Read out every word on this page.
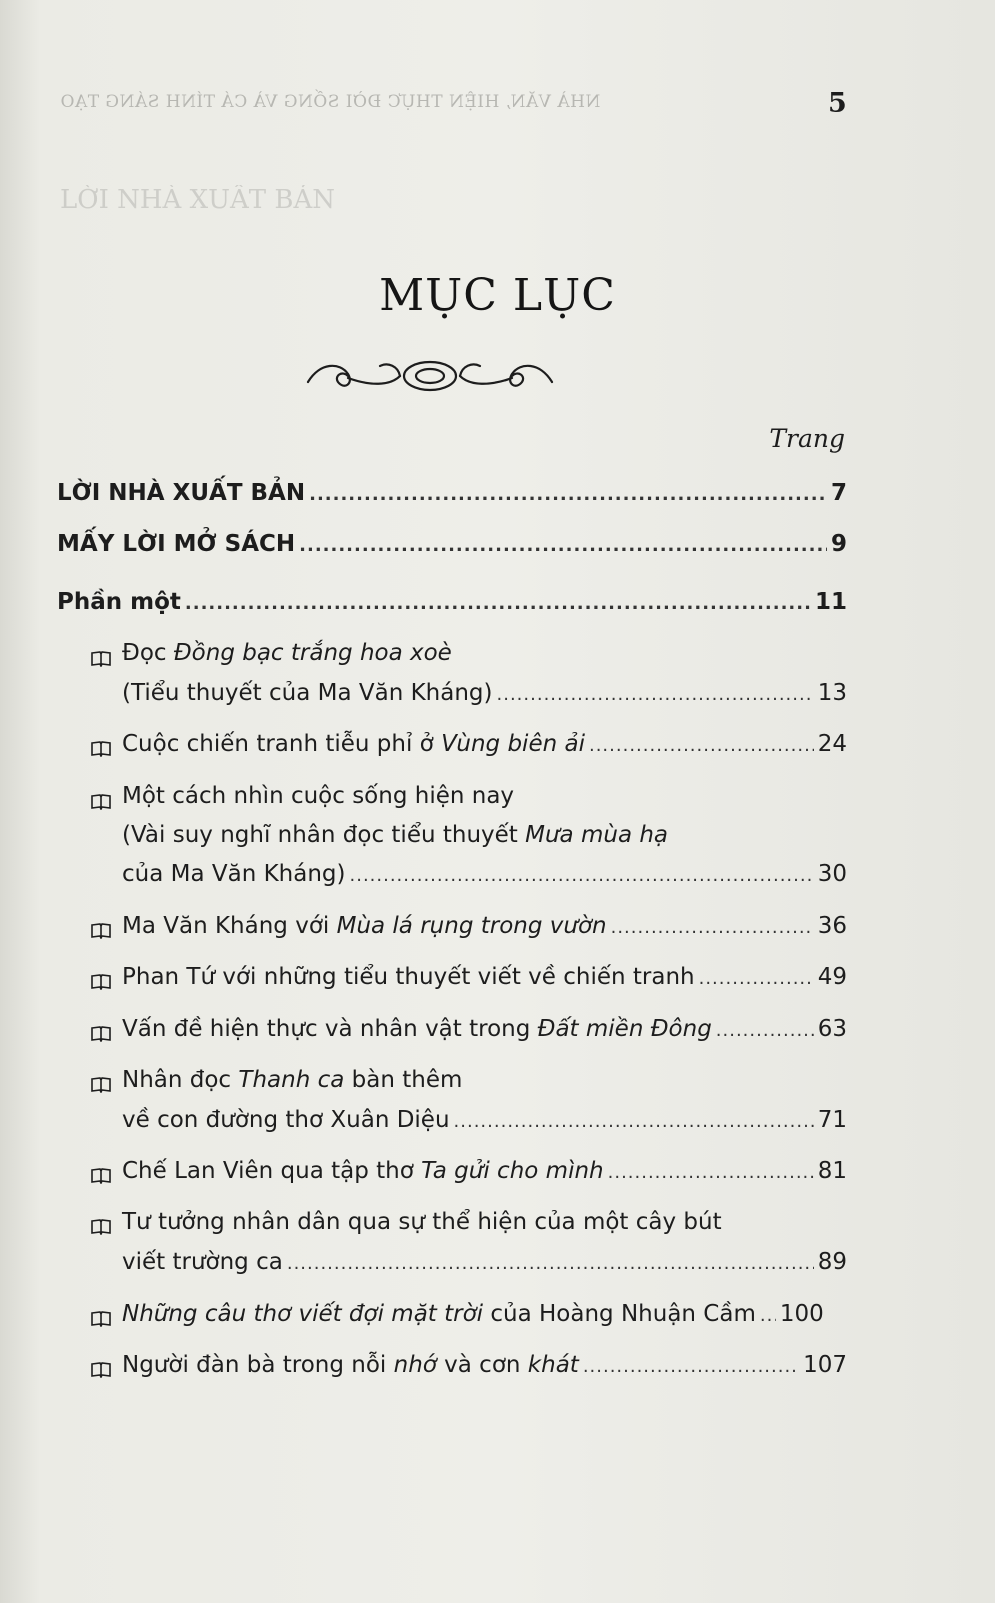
LỜI NHÀ XUẤT BẢN
NHÀ VĂN, HIỆN THỰC ĐỜI SỐNG VÀ CÁ TÍNH SÁNG TẠO	5
MỤC LỤC
Trang
LỜI NHÀ XUẤT BẢN .....	7
MẤY LỜI MỞ SÁCH .....	9
Phần một .....	11
Đọc Đồng bạc trắng hoa xoè
(Tiểu thuyết của Ma Văn Kháng) .....	13
Cuộc chiến tranh tiễu phỉ ở Vùng biên ải .....	24
Một cách nhìn cuộc sống hiện nay
(Vài suy nghĩ nhân đọc tiểu thuyết Mưa mùa hạ
của Ma Văn Kháng) .....	30
Ma Văn Kháng với Mùa lá rụng trong vườn .....	36
Phan Tứ với những tiểu thuyết viết về chiến tranh .....	49
Vấn đề hiện thực và nhân vật trong Đất miền Đông .....	63
Nhân đọc Thanh ca bàn thêm
về con đường thơ Xuân Diệu .....	71
Chế Lan Viên qua tập thơ Ta gửi cho mình .....	81
Tư tưởng nhân dân qua sự thể hiện của một cây bút
viết trường ca .....	89
Những câu thơ viết đợi mặt trời của Hoàng Nhuận Cầm ..... 100
Người đàn bà trong nỗi nhớ và cơn khát .....	107
